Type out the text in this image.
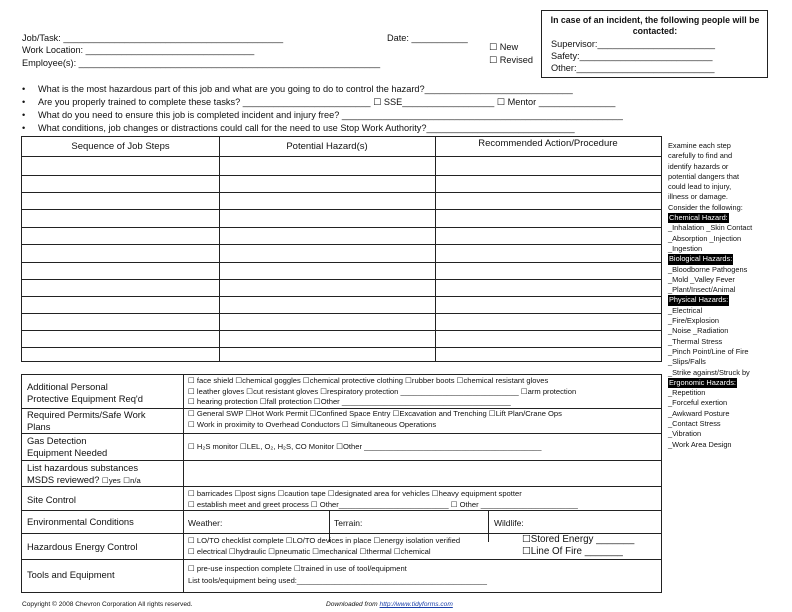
Job/Task: ___________________________________________	Date: ___________
Work Location: _________________________________
Employee(s): ___________________________________________________________
☐ New
☐ Revised
In case of an incident, the following people will be contacted:
Supervisor:_______________________
Safety:__________________________
Other:___________________________
•     What is the most hazardous part of this job and what are you going to do to control the hazard?_____________________________
•     Are you properly trained to complete these tasks? _________________________ ☐ SSE__________________ ☐ Mentor _______________
•     What do you need to ensure this job is completed incident and injury free? _______________________________________________________
•     What conditions, job changes or distractions could call for the need to use Stop Work Authority?_____________________________
Sequence of Job Steps	Potential Hazard(s)	Recommended Action/Procedure	Examine each step
carefully to find and
identify hazards or
potential dangers that
could lead to injury,
illness or damage.
Consider the following:
Chemical Hazard:
_Inhalation _Skin Contact
_Absorption _Injection
_Ingestion
Biological Hazards:
_Bloodborne Pathogens
_Mold _Valley Fever
_Plant/Insect/Animal
Physical Hazards:
_Electrical
_Fire/Explosion
_Noise _Radiation
_Thermal Stress
_Pinch Point/Line of Fire
_Slips/Falls
_Strike against/Struck by
Ergonomic Hazards:
_Repetition
_Forceful exertion
_Awkward Posture
_Contact Stress
_Vibration
_Work Area Design
Additional Personal
Protective Equipment Req'd
☐ face shield ☐chemical goggles ☐chemical protective clothing ☐rubber boots ☐chemical resistant gloves
☐ leather gloves ☐cut resistant gloves ☐respiratory protection ____________________________ ☐arm protection
☐ hearing protection ☐fall protection ☐Other ________________________________________
Required Permits/Safe Work
Plans
☐ General SWP ☐Hot Work Permit ☐Confined Space Entry ☐Excavation and Trenching ☐Lift Plan/Crane Ops
☐ Work in proximity to Overhead Conductors ☐ Simultaneous Operations
Gas Detection
Equipment Needed	☐ H₂S monitor ☐LEL, O₂, H₂S, CO Monitor ☐Other __________________________________________
List hazardous substances
MSDS reviewed? ☐yes ☐n/a
Site Control
☐ barricades ☐post signs ☐caution tape ☐designated area for vehicles ☐heavy equipment spotter
☐ establish meet and greet process ☐ Other__________________________ ☐ Other _______________________
Environmental Conditions	Weather:	Terrain:	Wildlife:
Hazardous Energy Control
☐ LO/TO checklist complete ☐LO/TO devices in place ☐energy isolation verified
☐ electrical ☐hydraulic ☐pneumatic ☐mechanical ☐thermal ☐chemical
☐Stored Energy _______
☐Line Of Fire _______
Tools and Equipment
☐ pre-use inspection complete ☐trained in use of tool/equipment
List tools/equipment being used:_____________________________________________
Copyright © 2008 Chevron Corporation All rights reserved.	Downloaded from http://www.tidyforms.com
